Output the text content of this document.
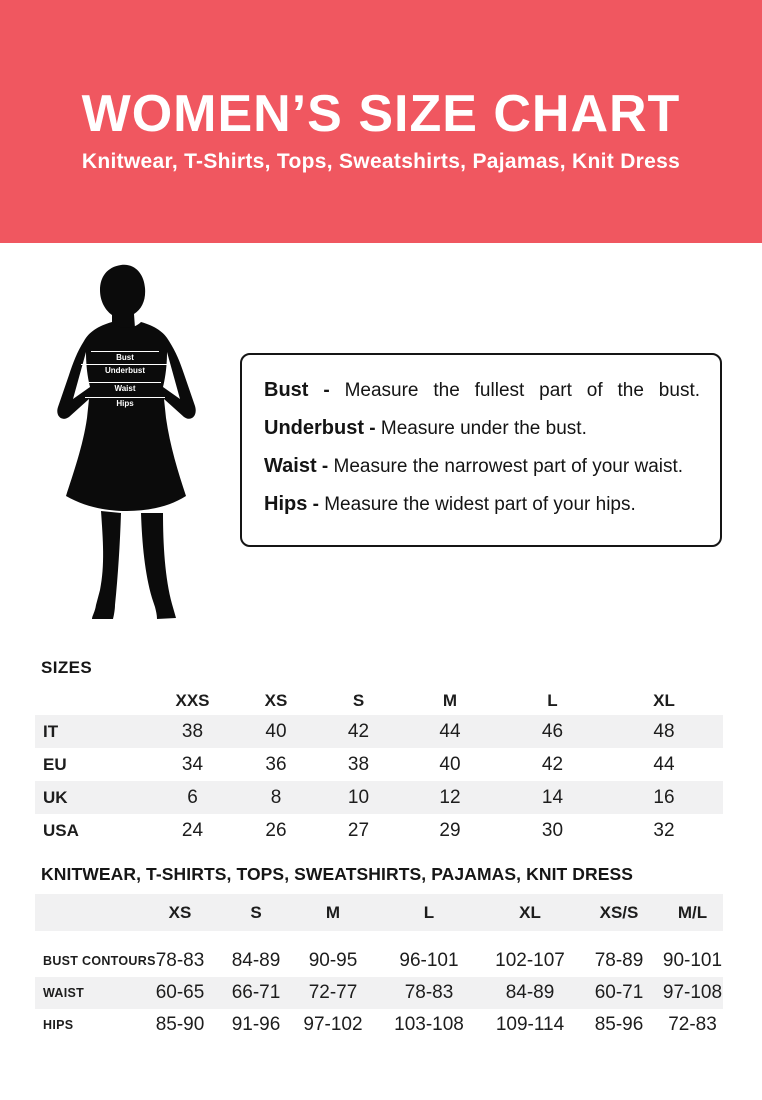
WOMEN’S SIZE CHART

Knitwear, T-Shirts, Tops, Sweatshirts, Pajamas, Knit Dress

Bust
Underbust
Waist
Hips

Bust - Measure the fullest part of the bust.

Underbust - Measure under the bust.

Waist - Measure the narrowest part of your waist.

Hips - Measure the widest part of your hips.

SIZES
	XXS	XS	S	M	L	XL
IT	38	40	42	44	46	48
EU	34	36	38	40	42	44
UK	6	8	10	12	14	16
USA	24	26	27	29	30	32
KNITWEAR, T-SHIRTS, TOPS, SWEATSHIRTS, PAJAMAS, KNIT DRESS
	XS	S	M	L	XL	XS/S	M/L

BUST CONTOURS	78-83	84-89	90-95	96-101	102-107	78-89	90-101
WAIST	60-65	66-71	72-77	78-83	84-89	60-71	97-108
HIPS	85-90	91-96	97-102	103-108	109-114	85-96	72-83
